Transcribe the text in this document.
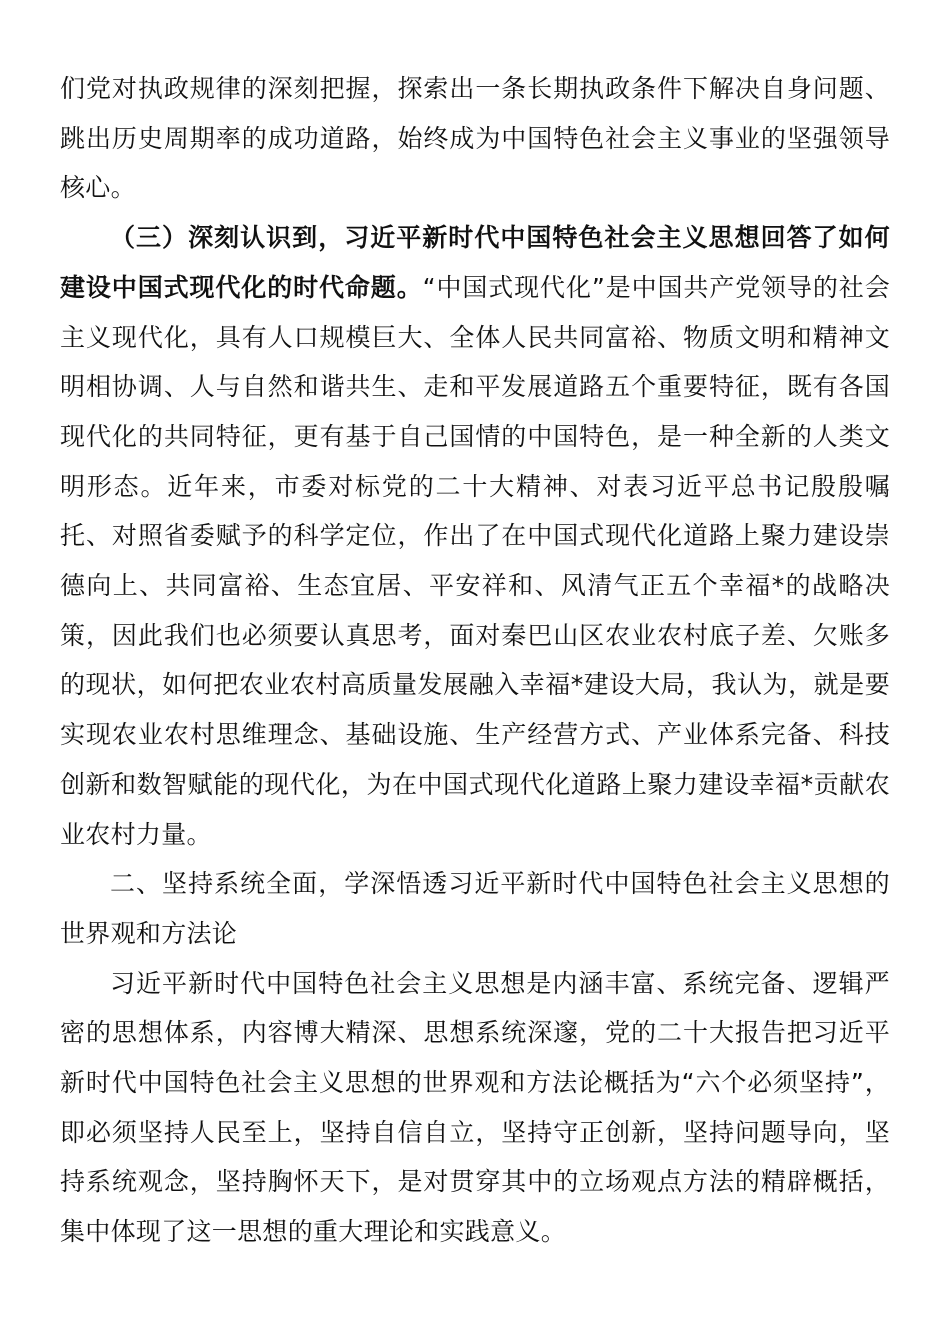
们党对执政规律的深刻把握，探索出一条长期执政条件下解决自身问题、跳出历史周期率的成功道路，始终成为中国特色社会主义事业的坚强领导核心。

（三）深刻认识到，习近平新时代中国特色社会主义思想回答了如何建设中国式现代化的时代命题。“中国式现代化”是中国共产党领导的社会主义现代化，具有人口规模巨大、全体人民共同富裕、物质文明和精神文明相协调、人与自然和谐共生、走和平发展道路五个重要特征，既有各国现代化的共同特征，更有基于自己国情的中国特色，是一种全新的人类文明形态。近年来，市委对标党的二十大精神、对表习近平总书记殷殷嘱托、对照省委赋予的科学定位，作出了在中国式现代化道路上聚力建设崇德向上、共同富裕、生态宜居、平安祥和、风清气正五个幸福*的战略决策，因此我们也必须要认真思考，面对秦巴山区农业农村底子差、欠账多的现状，如何把农业农村高质量发展融入幸福*建设大局，我认为，就是要实现农业农村思维理念、基础设施、生产经营方式、产业体系完备、科技创新和数智赋能的现代化，为在中国式现代化道路上聚力建设幸福*贡献农业农村力量。

二、坚持系统全面，学深悟透习近平新时代中国特色社会主义思想的世界观和方法论

习近平新时代中国特色社会主义思想是内涵丰富、系统完备、逻辑严密的思想体系，内容博大精深、思想系统深邃，党的二十大报告把习近平新时代中国特色社会主义思想的世界观和方法论概括为“六个必须坚持”，即必须坚持人民至上，坚持自信自立，坚持守正创新，坚持问题导向，坚持系统观念，坚持胸怀天下，是对贯穿其中的立场观点方法的精辟概括，集中体现了这一思想的重大理论和实践意义。
